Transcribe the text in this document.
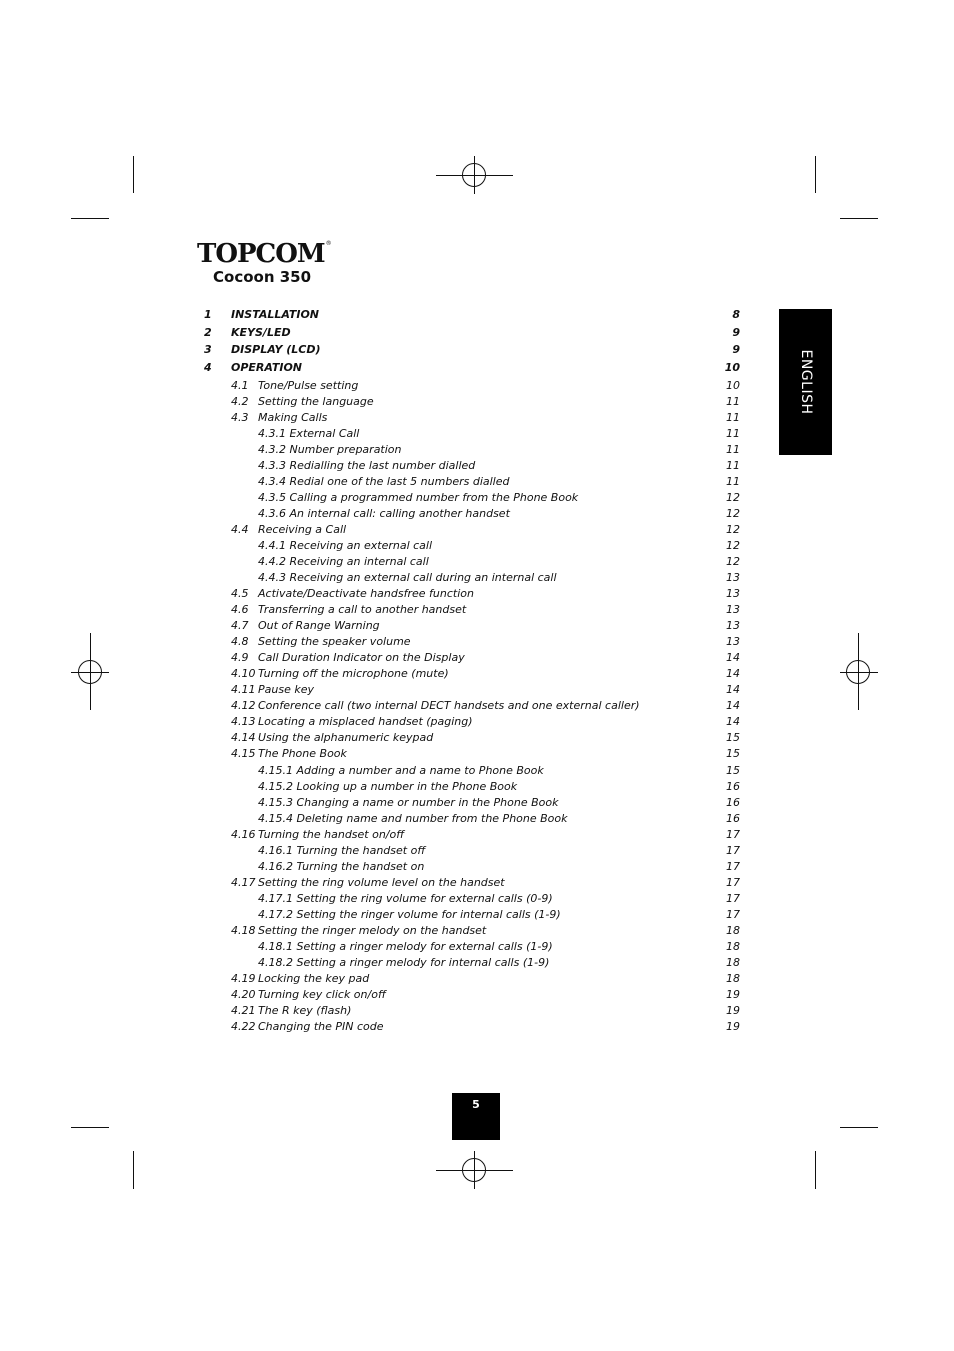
TOPCOM®
Cocoon 350
1 INSTALLATION	8
2 KEYS/LED	9
3 DISPLAY (LCD)	9
4 OPERATION	10
4.1 Tone/Pulse setting	10
4.2 Setting the language	11
4.3 Making Calls	11
4.3.1 External Call	11
4.3.2 Number preparation	11
4.3.3 Redialling the last number dialled	11
4.3.4 Redial one of the last 5 numbers dialled	11
4.3.5 Calling a programmed number from the Phone Book	12
4.3.6 An internal call: calling another handset	12
4.4 Receiving a Call	12
4.4.1 Receiving an external call	12
4.4.2 Receiving an internal call	12
4.4.3 Receiving an external call during an internal call	13
4.5 Activate/Deactivate handsfree function	13
4.6 Transferring a call to another handset	13
4.7 Out of Range Warning	13
4.8 Setting the speaker volume	13
4.9 Call Duration Indicator on the Display	14
4.10 Turning off the microphone (mute)	14
4.11 Pause key	14
4.12 Conference call (two internal DECT handsets and one external caller)	14
4.13 Locating a misplaced handset (paging)	14
4.14 Using the alphanumeric keypad	15
4.15 The Phone Book	15
4.15.1 Adding a number and a name to Phone Book	15
4.15.2 Looking up a number in the Phone Book	16
4.15.3 Changing a name or number in the Phone Book	16
4.15.4 Deleting name and number from the Phone Book	16
4.16 Turning the handset on/off	17
4.16.1 Turning the handset off	17
4.16.2 Turning the handset on	17
4.17 Setting the ring volume level on the handset	17
4.17.1 Setting the ring volume for external calls (0-9)	17
4.17.2 Setting the ringer volume for internal calls (1-9)	17
4.18 Setting the ringer melody on the handset	18
4.18.1 Setting a ringer melody for external calls (1-9)	18
4.18.2 Setting a ringer melody for internal calls (1-9)	18
4.19 Locking the key pad	18
4.20 Turning key click on/off	19
4.21 The R key (flash)	19
4.22 Changing the PIN code	19
ENGLISH
5
